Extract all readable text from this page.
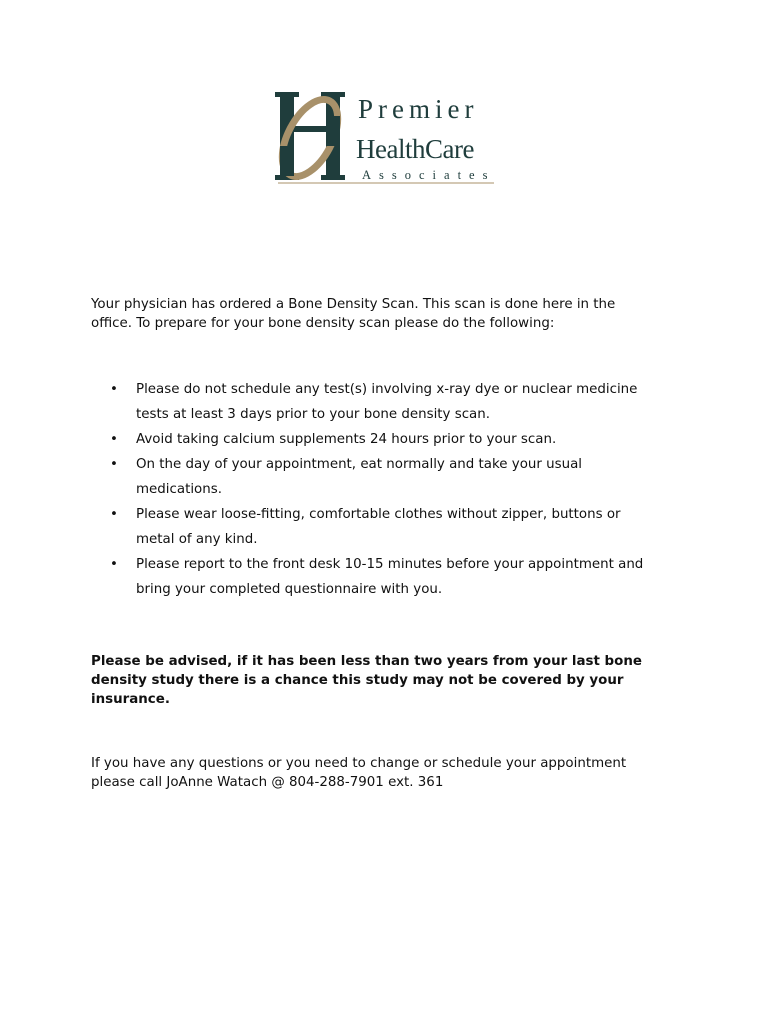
Premier
HealthCare
Associates
Your physician has ordered a Bone Density Scan. This scan is done here in the
office. To prepare for your bone density scan please do the following:
• Please do not schedule any test(s) involving x-ray dye or nuclear medicine
tests at least 3 days prior to your bone density scan.
• Avoid taking calcium supplements 24 hours prior to your scan.
• On the day of your appointment, eat normally and take your usual
medications.
• Please wear loose-fitting, comfortable clothes without zipper, buttons or
metal of any kind.
• Please report to the front desk 10-15 minutes before your appointment and
bring your completed questionnaire with you.
Please be advised, if it has been less than two years from your last bone
density study there is a chance this study may not be covered by your
insurance.
If you have any questions or you need to change or schedule your appointment
please call JoAnne Watach @ 804-288-7901 ext. 361
